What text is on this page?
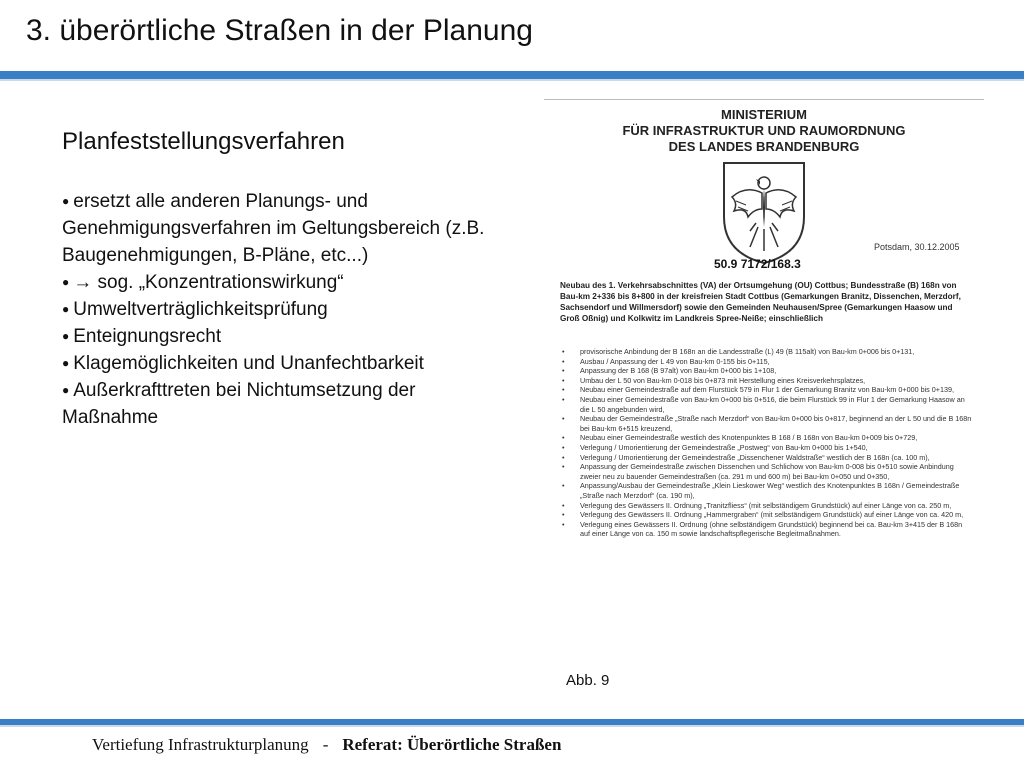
3. überörtliche Straßen in der Planung
Planfeststellungsverfahren
● ersetzt alle anderen Planungs- und Genehmigungsverfahren im Geltungsbereich (z.B. Baugenehmigungen, B-Pläne, etc...)
● → sog. „Konzentrationswirkung“
● Umweltverträglichkeitsprüfung
● Enteignungsrecht
● Klagemöglichkeiten und Unanfechtbarkeit
● Außerkrafttreten bei Nichtumsetzung der Maßnahme
MINISTERIUM
FÜR INFRASTRUKTUR UND RAUMORDNUNG
DES LANDES BRANDENBURG
Potsdam, 30.12.2005
50.9 7172/168.3
Neubau des 1. Verkehrsabschnittes (VA) der Ortsumgehung (OU) Cottbus; Bundesstraße (B) 168n von Bau-km 2+336 bis 8+800 in der kreisfreien Stadt Cottbus (Gemarkungen Branitz, Dissenchen, Merzdorf, Sachsendorf und Willmersdorf) sowie den Gemeinden Neuhausen/Spree (Gemarkungen Haasow und Groß Oßnig) und Kolkwitz im Landkreis Spree-Neiße; einschließlich
• provisorische Anbindung der B 168n an die Landesstraße (L) 49 (B 115alt) von Bau-km 0+006 bis 0+131,
• Ausbau / Anpassung der L 49 von Bau-km 0-155 bis 0+115,
• Anpassung der B 168 (B 97alt) von Bau-km 0+000 bis 1+108,
• Umbau der L 50 von Bau-km 0-018 bis 0+873 mit Herstellung eines Kreisverkehrsplatzes,
• Neubau einer Gemeindestraße auf dem Flurstück 579 in Flur 1 der Gemarkung Branitz von Bau-km 0+000 bis 0+139,
• Neubau einer Gemeindestraße von Bau-km 0+000 bis 0+516, die beim Flurstück 99 in Flur 1 der Gemarkung Haasow an die L 50 angebunden wird,
• Neubau der Gemeindestraße „Straße nach Merzdorf“ von Bau-km 0+000 bis 0+817, beginnend an der L 50 und die B 168n bei Bau-km 6+515 kreuzend,
• Neubau einer Gemeindestraße westlich des Knotenpunktes B 168 / B 168n von Bau-km 0+009 bis 0+729,
• Verlegung / Umorientierung der Gemeindestraße „Postweg“ von Bau-km 0+000 bis 1+540,
• Verlegung / Umorientierung der Gemeindestraße „Dissenchener Waldstraße“ westlich der B 168n (ca. 100 m),
• Anpassung der Gemeindestraße zwischen Dissenchen und Schlichow von Bau-km 0-008 bis 0+510 sowie Anbindung zweier neu zu bauender Gemeindestraßen (ca. 291 m und 600 m) bei Bau-km 0+050 und 0+350,
• Anpassung/Ausbau der Gemeindestraße „Klein Lieskower Weg“ westlich des Knotenpunktes B 168n / Gemeindestraße „Straße nach Merzdorf“ (ca. 190 m),
• Verlegung des Gewässers II. Ordnung „Tranitzfliess“ (mit selbständigem Grundstück) auf einer Länge von ca. 250 m,
• Verlegung des Gewässers II. Ordnung „Hammergraben“ (mit selbständigem Grundstück) auf einer Länge von ca. 420 m,
• Verlegung eines Gewässers II. Ordnung (ohne selbständigem Grundstück) beginnend bei ca. Bau-km 3+415 der B 168n auf einer Länge von ca. 150 m sowie landschaftspflegerische Begleitmaßnahmen.
Abb. 9
Vertiefung Infrastrukturplanung - Referat: Überörtliche Straßen
